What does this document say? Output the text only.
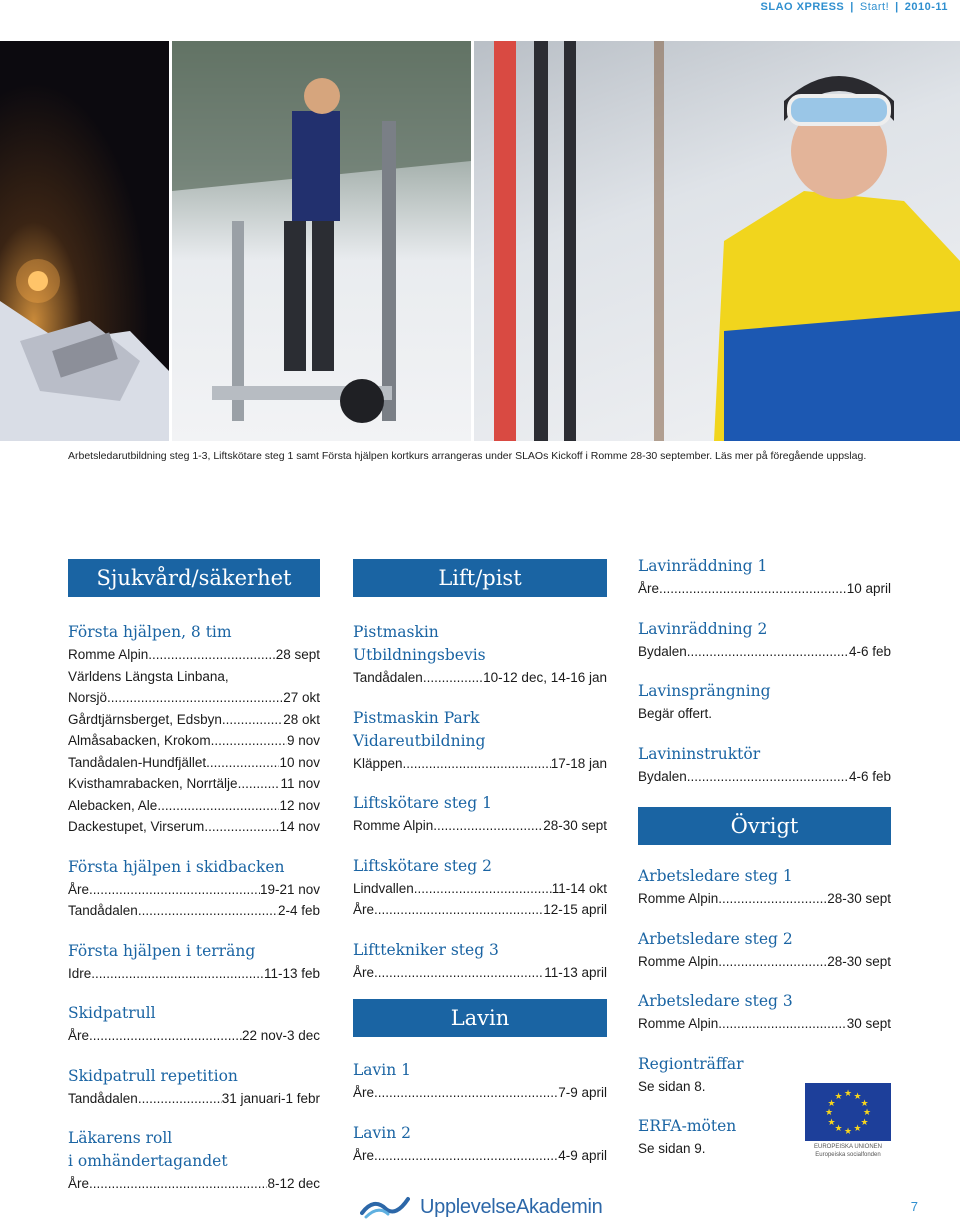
SLAO XPRESS | Start! | 2010-11
Arbetsledarutbildning steg 1-3, Liftskötare steg 1 samt Första hjälpen kortkurs arrangeras under SLAOs Kickoff i Romme 28-30 september. Läs mer på föregående uppslag.
Sjukvård/säkerhet
Första hjälpen, 8 tim
Romme Alpin .....	28 sept
Världens Längsta Linbana,
Norsjö .....	27 okt
Gårdtjärnsberget, Edsbyn .....	28 okt
Almåsabacken, Krokom .....	9 nov
Tandådalen-Hundfjället .....	10 nov
Kvisthamrabacken, Norrtälje .....	11 nov
Alebacken, Ale .....	12 nov
Dackestupet, Virserum .....	14 nov
Första hjälpen i skidbacken
Åre .....	19-21 nov
Tandådalen .....	2-4 feb
Första hjälpen i terräng
Idre .....	11-13 feb
Skidpatrull
Åre .....	22 nov-3 dec
Skidpatrull repetition
Tandådalen .....	31 januari-1 febr
Läkarens roll
i omhändertagandet
Åre .....	8-12 dec
Lift/pist
Pistmaskin
Utbildningsbevis
Tandådalen .....	10-12 dec, 14-16 jan
Pistmaskin Park
Vidareutbildning
Kläppen .....	17-18 jan
Liftskötare steg 1
Romme Alpin .....	28-30 sept
Liftskötare steg 2
Lindvallen .....	11-14 okt
Åre .....	12-15 april
Lifttekniker steg 3
Åre .....	11-13 april
Lavin
Lavin 1
Åre .....	7-9 april
Lavin 2
Åre .....	4-9 april
Lavinräddning 1
Åre .....	10 april
Lavinräddning 2
Bydalen .....	4-6 feb
Lavinsprängning
Begär offert.
Lavininstruktör
Bydalen .....	4-6 feb
Övrigt
Arbetsledare steg 1
Romme Alpin .....	28-30 sept
Arbetsledare steg 2
Romme Alpin .....	28-30 sept
Arbetsledare steg 3
Romme Alpin .....	30 sept
Regionträffar
Se sidan 8.
ERFA-möten
Se sidan 9.
★
★
★
★
★
★
★
★
★ ★ ★
★
EUROPEISKA UNIONEN
Europeiska socialfonden
UpplevelseAkademin	7
